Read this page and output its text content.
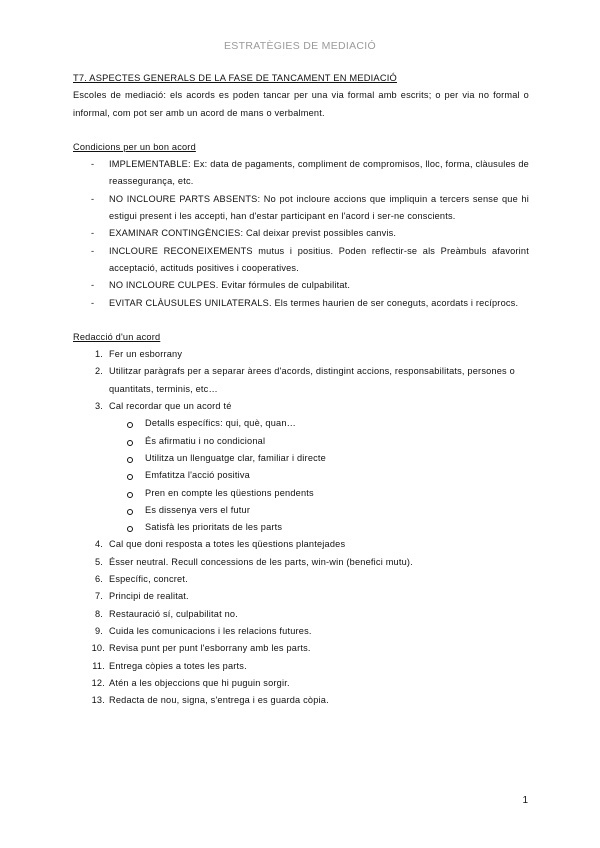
ESTRATÈGIES DE MEDIACIÓ

T7. ASPECTES GENERALS DE LA FASE DE TANCAMENT EN MEDIACIÓ

Escoles de mediació: els acords es poden tancar per una via formal amb escrits; o per via no formal o informal, com pot ser amb un acord de mans o verbalment.

Condicions per un bon acord

- IMPLEMENTABLE: Ex: data de pagaments, compliment de compromisos, lloc, forma, clàusules de reassegurança, etc.
- NO INCLOURE PARTS ABSENTS: No pot incloure accions que impliquin a tercers sense que hi estigui present i les accepti, han d'estar participant en l'acord i ser-ne conscients.
- EXAMINAR CONTINGÈNCIES: Cal deixar previst possibles canvis.
- INCLOURE RECONEIXEMENTS mutus i positius. Poden reflectir-se als Preàmbuls afavorint acceptació, actituds positives i cooperatives.
- NO INCLOURE CULPES. Evitar fórmules de culpabilitat.
- EVITAR CLÀUSULES UNILATERALS. Els termes haurien de ser coneguts, acordats i recíprocs.

Redacció d'un acord

1. Fer un esborrany
2. Utilitzar paràgrafs per a separar àrees d'acords, distingint accions, responsabilitats, persones o quantitats, terminis, etc…
3. Cal recordar que un acord té
Detalls específics: qui, què, quan…
És afirmatiu i no condicional
Utilitza un llenguatge clar, familiar i directe
Emfatitza l'acció positiva
Pren en compte les qüestions pendents
Es dissenya vers el futur
Satisfà les prioritats de les parts
4. Cal que doni resposta a totes les qüestions plantejades
5. Ésser neutral. Recull concessions de les parts, win-win (benefici mutu).
6. Específic, concret.
7. Principi de realitat.
8. Restauració sí, culpabilitat no.
9. Cuida les comunicacions i les relacions futures.
10. Revisa punt per punt l'esborrany amb les parts.
11. Entrega còpies a totes les parts.
12. Atén a les objeccions que hi puguin sorgir.
13. Redacta de nou, signa, s'entrega i es guarda còpia.
1
